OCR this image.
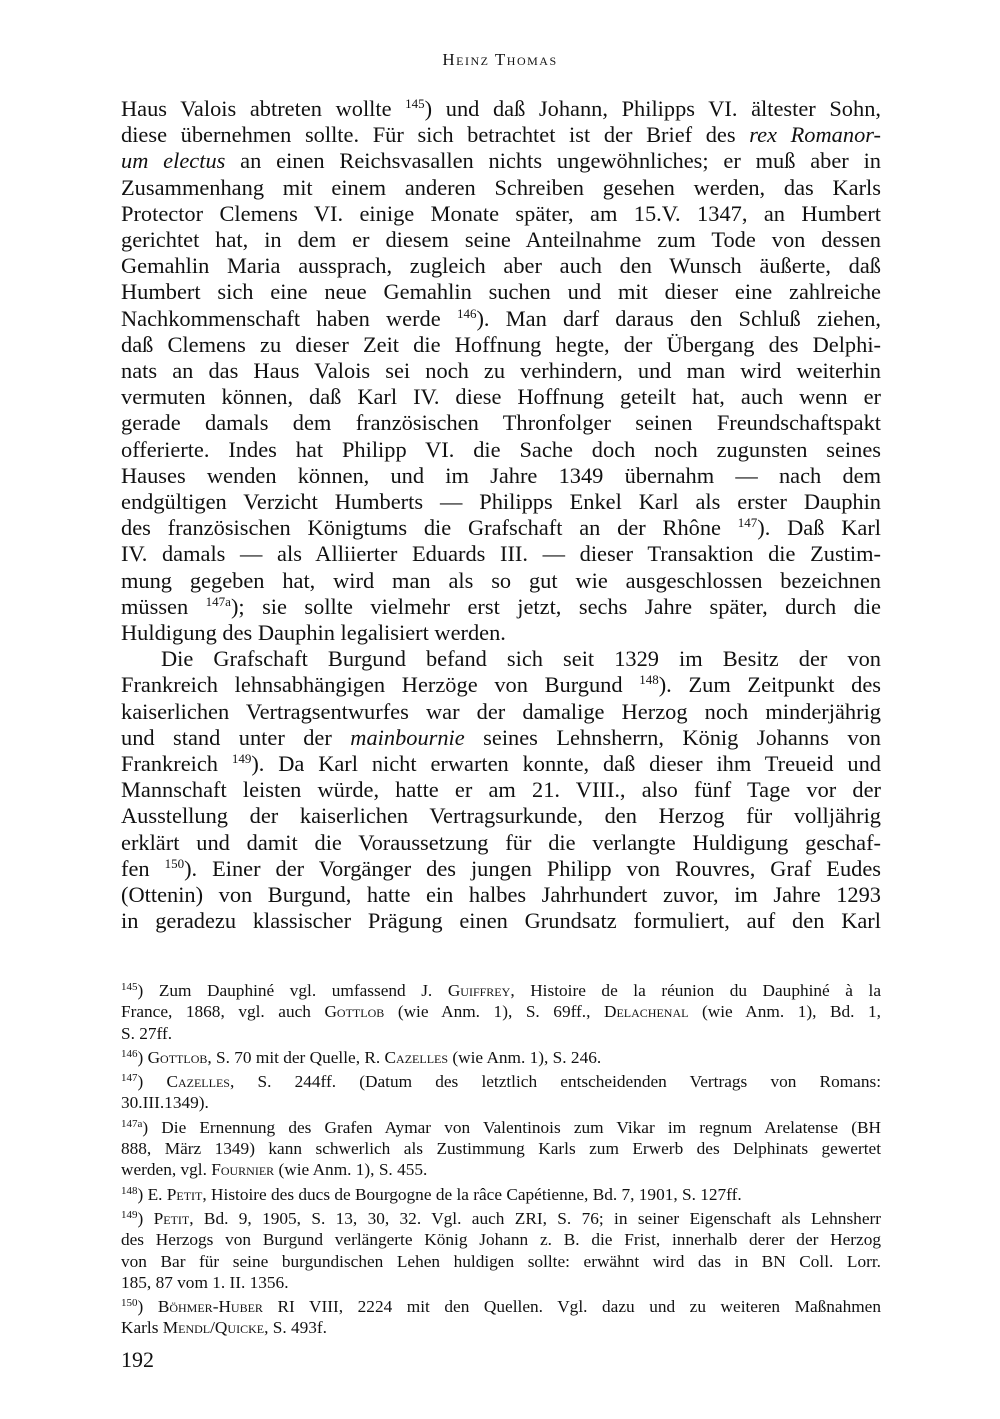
Heinz Thomas
Haus Valois abtreten wollte $^{145}$) und daß Johann, Philipps VI. ältester Sohn,
diese übernehmen sollte. Für sich betrachtet ist der Brief des rex Romanor-
um electus an einen Reichsvasallen nichts ungewöhnliches; er muß aber in
Zusammenhang mit einem anderen Schreiben gesehen werden, das Karls
Protector Clemens VI. einige Monate später, am 15.V. 1347, an Humbert
gerichtet hat, in dem er diesem seine Anteilnahme zum Tode von dessen
Gemahlin Maria aussprach, zugleich aber auch den Wunsch äußerte, daß
Humbert sich eine neue Gemahlin suchen und mit dieser eine zahlreiche
Nachkommenschaft haben werde $^{146}$). Man darf daraus den Schluß ziehen,
daß Clemens zu dieser Zeit die Hoffnung hegte, der Übergang des Delphi-
nats an das Haus Valois sei noch zu verhindern, und man wird weiterhin
vermuten können, daß Karl IV. diese Hoffnung geteilt hat, auch wenn er
gerade damals dem französischen Thronfolger seinen Freundschaftspakt
offerierte. Indes hat Philipp VI. die Sache doch noch zugunsten seines
Hauses wenden können, und im Jahre 1349 übernahm — nach dem
endgültigen Verzicht Humberts — Philipps Enkel Karl als erster Dauphin
des französischen Königtums die Grafschaft an der Rhône $^{147}$). Daß Karl
IV. damals — als Alliierter Eduards III. — dieser Transaktion die Zustim-
mung gegeben hat, wird man als so gut wie ausgeschlossen bezeichnen
müssen $^{147a}$); sie sollte vielmehr erst jetzt, sechs Jahre später, durch die
Huldigung des Dauphin legalisiert werden.
Die Grafschaft Burgund befand sich seit 1329 im Besitz der von
Frankreich lehnsabhängigen Herzöge von Burgund $^{148}$). Zum Zeitpunkt des
kaiserlichen Vertragsentwurfes war der damalige Herzog noch minderjährig
und stand unter der mainbournie seines Lehnsherrn, König Johanns von
Frankreich $^{149}$). Da Karl nicht erwarten konnte, daß dieser ihm Treueid und
Mannschaft leisten würde, hatte er am 21. VIII., also fünf Tage vor der
Ausstellung der kaiserlichen Vertragsurkunde, den Herzog für volljährig
erklärt und damit die Voraussetzung für die verlangte Huldigung geschaf-
fen $^{150}$). Einer der Vorgänger des jungen Philipp von Rouvres, Graf Eudes
(Ottenin) von Burgund, hatte ein halbes Jahrhundert zuvor, im Jahre 1293
in geradezu klassischer Prägung einen Grundsatz formuliert, auf den Karl
$^{145}$) Zum Dauphiné vgl. umfassend J. Guiffrey, Histoire de la réunion du Dauphiné à la
France, 1868, vgl. auch Gottlob (wie Anm. 1), S. 69ff., Delachenal (wie Anm. 1), Bd. 1,
S. 27ff.
$^{146}$) Gottlob, S. 70 mit der Quelle, R. Cazelles (wie Anm. 1), S. 246.
$^{147}$) Cazelles, S. 244ff. (Datum des letztlich entscheidenden Vertrags von Romans:
30.III.1349).
$^{147a}$) Die Ernennung des Grafen Aymar von Valentinois zum Vikar im regnum Arelatense (BH
888, März 1349) kann schwerlich als Zustimmung Karls zum Erwerb des Delphinats gewertet
werden, vgl. Fournier (wie Anm. 1), S. 455.
$^{148}$) E. Petit, Histoire des ducs de Bourgogne de la râce Capétienne, Bd. 7, 1901, S. 127ff.
$^{149}$) Petit, Bd. 9, 1905, S. 13, 30, 32. Vgl. auch ZRI, S. 76; in seiner Eigenschaft als Lehnsherr
des Herzogs von Burgund verlängerte König Johann z. B. die Frist, innerhalb derer der Herzog
von Bar für seine burgundischen Lehen huldigen sollte: erwähnt wird das in BN Coll. Lorr.
185, 87 vom 1. II. 1356.
$^{150}$) Böhmer-Huber RI VIII, 2224 mit den Quellen. Vgl. dazu und zu weiteren Maßnahmen
Karls Mendl/Quicke, S. 493f.
192
